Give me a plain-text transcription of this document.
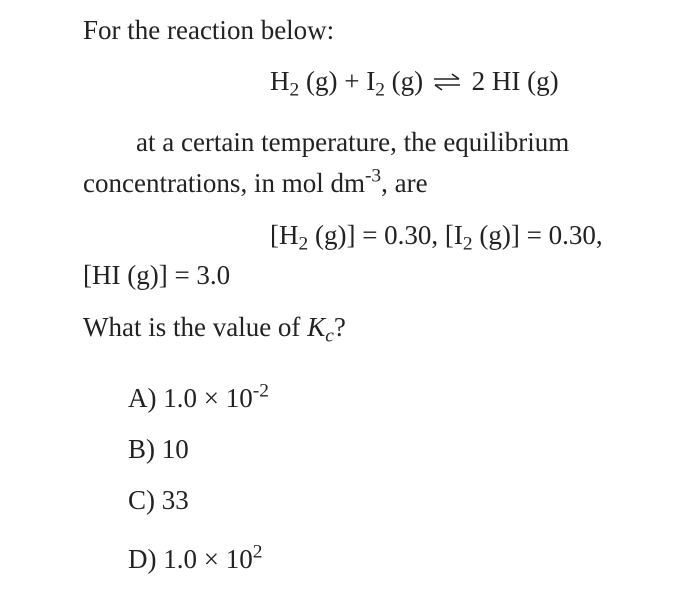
For the reaction below:
$H_2$ $(g) + I_2$ (g) ⇌ 2 HI (g)
at a certain temperature, the equilibrium
concentrations, in mol $dm^{-3}$, are
[$H_2$ (g)] = 0.30, [$I_2$ (g)] = 0.30,
[HI (g)] = 3.0
What is the value of $K_c$?
A) $1.0 \times 10^{-2}$
B) 10
C) 33
D) $1.0 \times 10^2$
